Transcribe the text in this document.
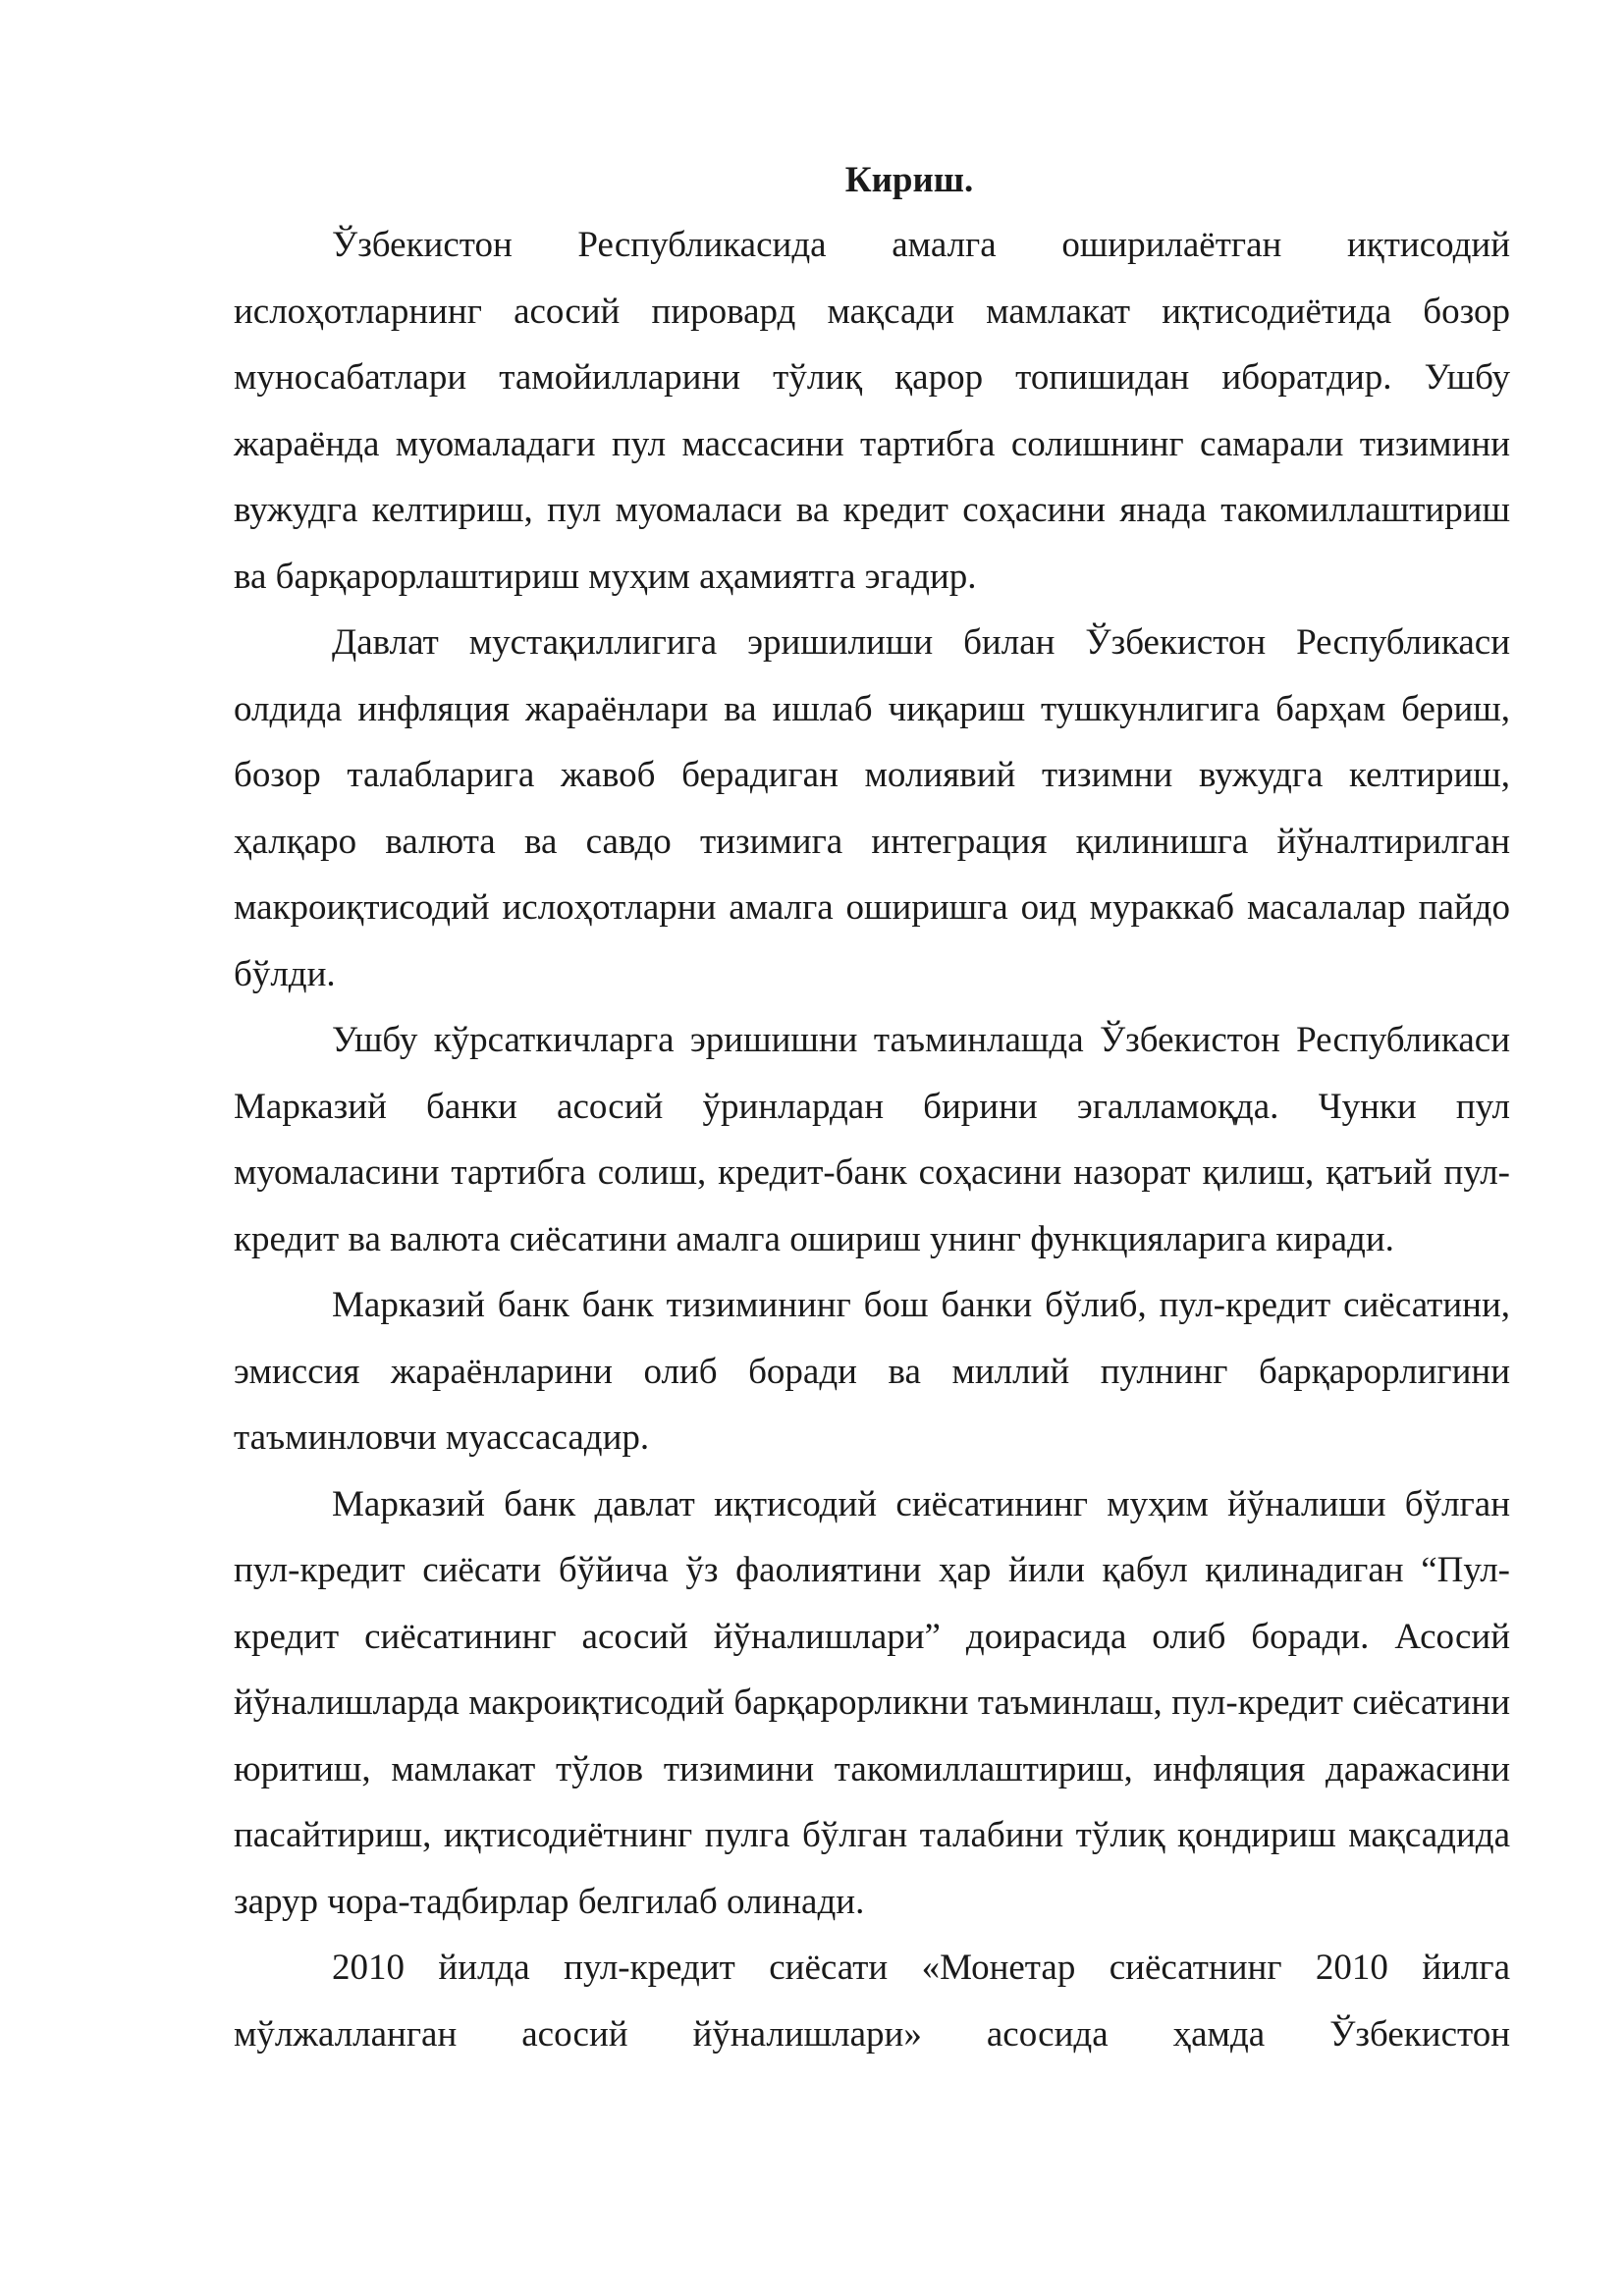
Кириш.

Ўзбекистон Республикасида амалга оширилаётган иқтисодий ислоҳотларнинг асосий пировард мақсади мамлакат иқтисодиётида бозор муносабатлари тамойилларини тўлиқ қарор топишидан иборатдир. Ушбу жараёнда муомаладаги пул массасини тартибга солишнинг самарали тизимини вужудга келтириш, пул муомаласи ва кредит соҳасини янада такомиллаштириш ва барқарорлаштириш муҳим аҳамиятга эгадир.

Давлат мустақиллигига эришилиши билан Ўзбекистон Республикаси олдида инфляция жараёнлари ва ишлаб чиқариш тушкунлигига барҳам бериш, бозор талабларига жавоб берадиган молиявий тизимни вужудга келтириш, ҳалқаро валюта ва савдо тизимига интеграция қилинишга йўналтирилган макроиқтисодий ислоҳотларни амалга оширишга оид мураккаб масалалар пайдо бўлди.

Ушбу кўрсаткичларга эришишни таъминлашда Ўзбекистон Республикаси Марказий банки асосий ўринлардан бирини эгалламоқда. Чунки пул муомаласини тартибга солиш, кредит-банк соҳасини назорат қилиш, қатъий пул-кредит ва валюта сиёсатини амалга ошириш унинг функцияларига киради.

Марказий банк банк тизимининг бош банки бўлиб, пул-кредит сиёсатини, эмиссия жараёнларини олиб боради ва миллий пулнинг барқарорлигини таъминловчи муассасадир.

Марказий банк давлат иқтисодий сиёсатининг муҳим йўналиши бўлган пул-кредит сиёсати бўйича ўз фаолиятини ҳар йили қабул қилинадиган “Пул-кредит сиёсатининг асосий йўналишлари” доирасида олиб боради. Асосий йўналишларда макроиқтисодий барқарорликни таъминлаш, пул-кредит сиёсатини юритиш, мамлакат тўлов тизимини такомиллаштириш, инфляция даражасини пасайтириш, иқтисодиётнинг пулга бўлган талабини тўлиқ қондириш мақсадида зарур чора-тадбирлар белгилаб олинади.

2010 йилда пул-кредит сиёсати «Монетар сиёсатнинг 2010 йилга мўлжалланган асосий йўналишлари» асосида ҳамда Ўзбекистон
